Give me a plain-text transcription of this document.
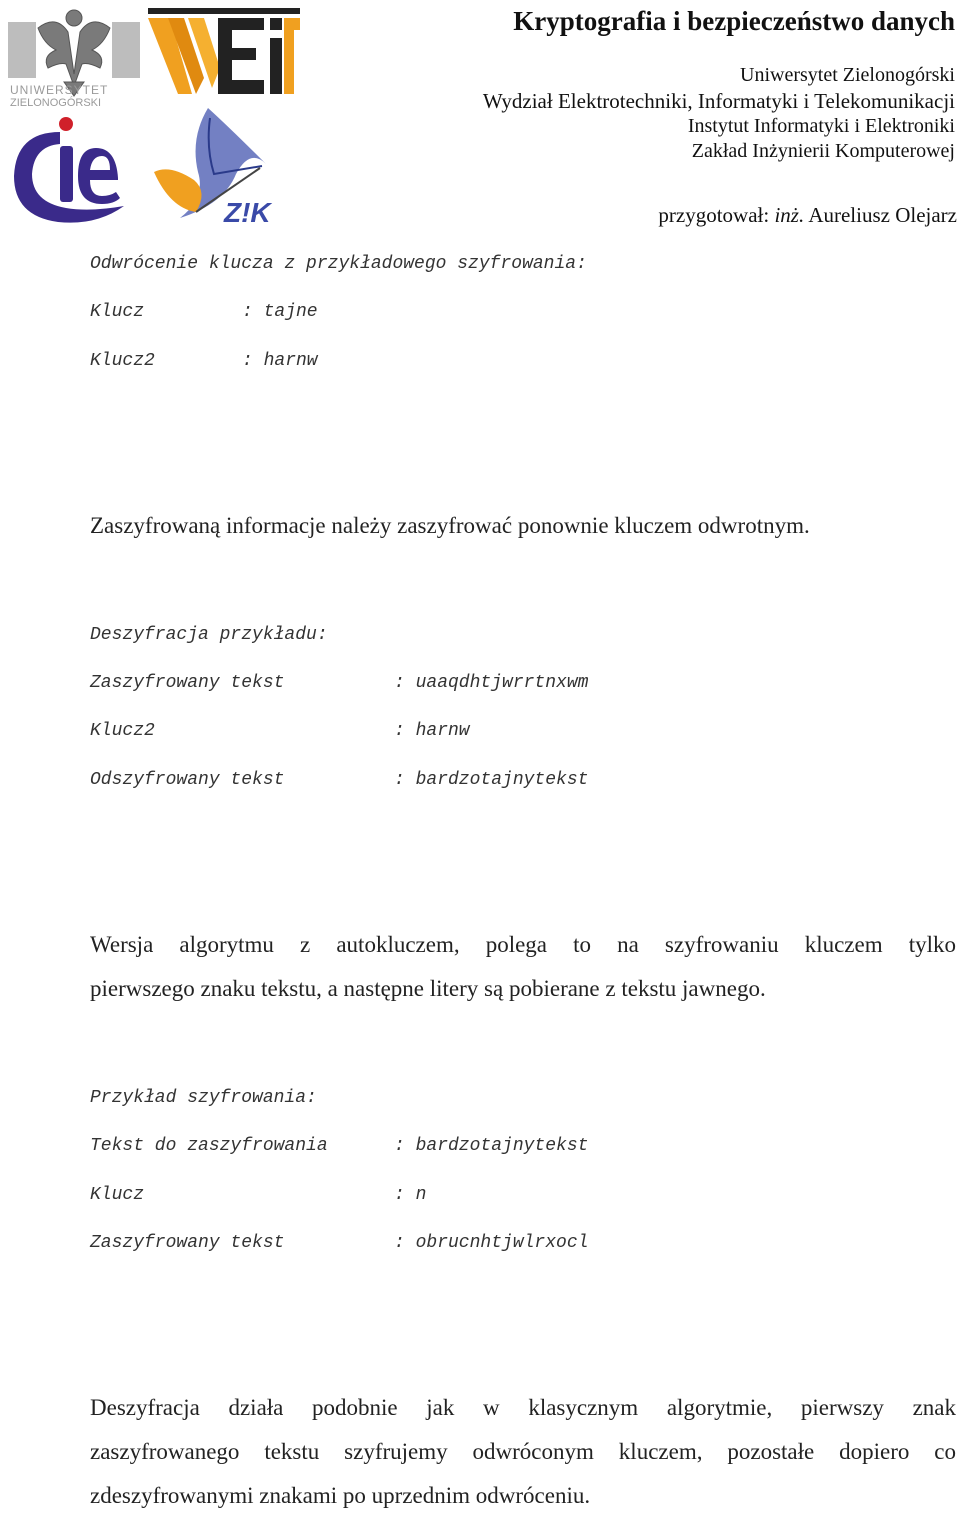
UNIWERSYTET
ZIELONOGÓRSKI
Z!K
Kryptografia i bezpieczeństwo danych
Uniwersytet Zielonogórski
Wydział Elektrotechniki, Informatyki i Telekomunikacji
Instytut Informatyki i Elektroniki
Zakład Inżynierii Komputerowej
przygotował: inż. Aureliusz Olejarz
Odwrócenie klucza z przykładowego szyfrowania:
Klucz	: tajne
Klucz2	: harnw
Zaszyfrowaną informacje należy zaszyfrować ponownie kluczem odwrotnym.
Deszyfracja przykładu:
Zaszyfrowany tekst	: uaaqdhtjwrrtnxwm
Klucz2	: harnw
Odszyfrowany tekst	: bardzotajnytekst
Wersja algorytmu z autokluczem, polega to na szyfrowaniu kluczem tylko
pierwszego znaku tekstu, a następne litery są pobierane z tekstu jawnego.
Przykład szyfrowania:
Tekst do zaszyfrowania	: bardzotajnytekst
Klucz	: n
Zaszyfrowany tekst	: obrucnhtjwlrxocl
Deszyfracja działa podobnie jak w klasycznym algorytmie, pierwszy znak
zaszyfrowanego tekstu szyfrujemy odwróconym kluczem, pozostałe dopiero co
zdeszyfrowanymi znakami po uprzednim odwróceniu.
